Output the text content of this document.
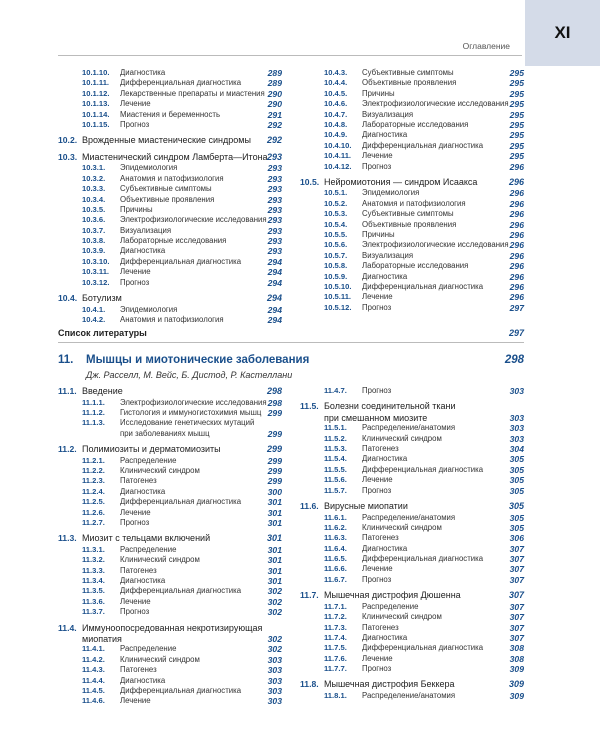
XI
Оглавление
10.1.10. Диагностика	289
10.1.11. Дифференциальная диагностика	289
10.1.12. Лекарственные препараты и миастения 290
10.1.13. Лечение	290
10.1.14. Миастения и беременность	291
10.1.15. Прогноз	292
10.2. Врожденные миастенические синдромы 292
10.3. Миастенический синдром Ламберта—Итона 293
10.3.1. Эпидемиология	293
10.3.2. Анатомия и патофизиология	293
10.3.3. Субъективные симптомы	293
10.3.4. Объективные проявления	293
10.3.5. Причины	293
10.3.6. Электрофизиологические исследования 293
10.3.7. Визуализация	293
10.3.8. Лабораторные исследования	293
10.3.9. Диагностика	293
10.3.10. Дифференциальная диагностика	294
10.3.11. Лечение	294
10.3.12. Прогноз	294
10.4. Ботулизм	294
10.4.1. Эпидемиология	294
10.4.2. Анатомия и патофизиология	294
10.4.3. Субъективные симптомы	295
10.4.4. Объективные проявления	295
10.4.5. Причины	295
10.4.6. Электрофизиологические исследования 295
10.4.7. Визуализация	295
10.4.8. Лабораторные исследования	295
10.4.9. Диагностика	295
10.4.10. Дифференциальная диагностика	295
10.4.11. Лечение	295
10.4.12. Прогноз	296
10.5. Нейромиотония — синдром Исаакса	296
10.5.1. Эпидемиология	296
10.5.2. Анатомия и патофизиология	296
10.5.3. Субъективные симптомы	296
10.5.4. Объективные проявления	296
10.5.5. Причины	296
10.5.6. Электрофизиологические исследования 296
10.5.7. Визуализация	296
10.5.8. Лабораторные исследования	296
10.5.9. Диагностика	296
10.5.10. Дифференциальная диагностика	296
10.5.11. Лечение	296
10.5.12. Прогноз	297
Список литературы	297
11. Мышцы и миотонические заболевания	298
Дж. Расселл, М. Вейс, Б. Дистод, Р. Кастеллани
11.1. Введение	298
11.1.1. Электрофизиологические исследования 298
11.1.2. Гистология и иммуногистохимия мышц 299
11.1.3. Исследование генетических мутаций
при заболеваниях мышц	299
11.2. Полимиозиты и дерматомиозиты	299
11.2.1. Распределение	299
11.2.2. Клинический синдром	299
11.2.3. Патогенез	299
11.2.4. Диагностика	300
11.2.5. Дифференциальная диагностика	301
11.2.6. Лечение	301
11.2.7. Прогноз	301
11.3. Миозит с тельцами включений	301
11.3.1. Распределение	301
11.3.2. Клинический синдром	301
11.3.3. Патогенез	301
11.3.4. Диагностика	301
11.3.5. Дифференциальная диагностика	302
11.3.6. Лечение	302
11.3.7. Прогноз	302
11.4. Иммуноопосредованная некротизирующая
миопатия	302
11.4.1. Распределение	302
11.4.2. Клинический синдром	303
11.4.3. Патогенез	303
11.4.4. Диагностика	303
11.4.5. Дифференциальная диагностика	303
11.4.6. Лечение	303
11.4.7. Прогноз	303
11.5. Болезни соединительной ткани
при смешанном миозите	303
11.5.1. Распределение/анатомия	303
11.5.2. Клинический синдром	303
11.5.3. Патогенез	304
11.5.4. Диагностика	305
11.5.5. Дифференциальная диагностика	305
11.5.6. Лечение	305
11.5.7. Прогноз	305
11.6. Вирусные миопатии	305
11.6.1. Распределение/анатомия	305
11.6.2. Клинический синдром	305
11.6.3. Патогенез	306
11.6.4. Диагностика	307
11.6.5. Дифференциальная диагностика	307
11.6.6. Лечение	307
11.6.7. Прогноз	307
11.7. Мышечная дистрофия Дюшенна	307
11.7.1. Распределение	307
11.7.2. Клинический синдром	307
11.7.3. Патогенез	307
11.7.4. Диагностика	307
11.7.5. Дифференциальная диагностика	308
11.7.6. Лечение	308
11.7.7. Прогноз	309
11.8. Мышечная дистрофия Беккера	309
11.8.1. Распределение/анатомия	309
